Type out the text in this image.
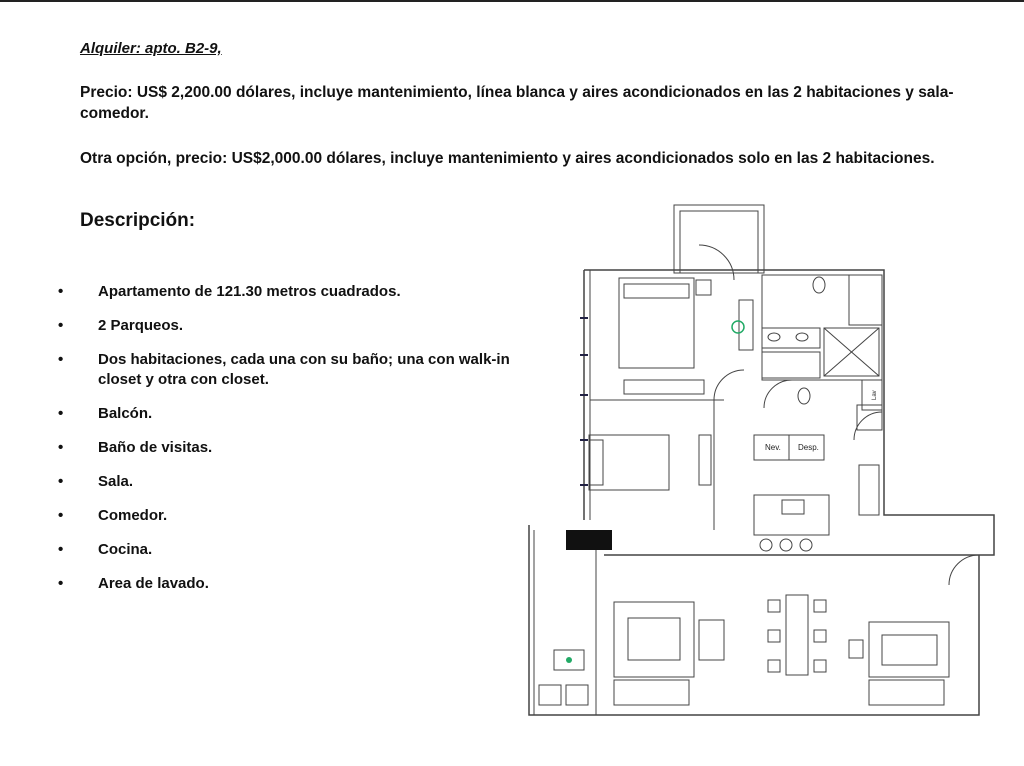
Alquiler: apto. B2-9,
Precio: US$ 2,200.00 dólares, incluye mantenimiento, línea blanca y aires acondicionados en las 2 habitaciones y sala-comedor.
Otra opción, precio: US$2,000.00 dólares, incluye mantenimiento y aires acondicionados solo en las 2 habitaciones.
Descripción:
•	Apartamento de 121.30 metros cuadrados.
•	2 Parqueos.
•	Dos habitaciones, cada una con su baño; una con walk-in closet y otra con closet.
•	Balcón.
•	Baño de visitas.
•	Sala.
•	Comedor.
•	Cocina.
•	Area de lavado.
Nev. Desp.
Lav
